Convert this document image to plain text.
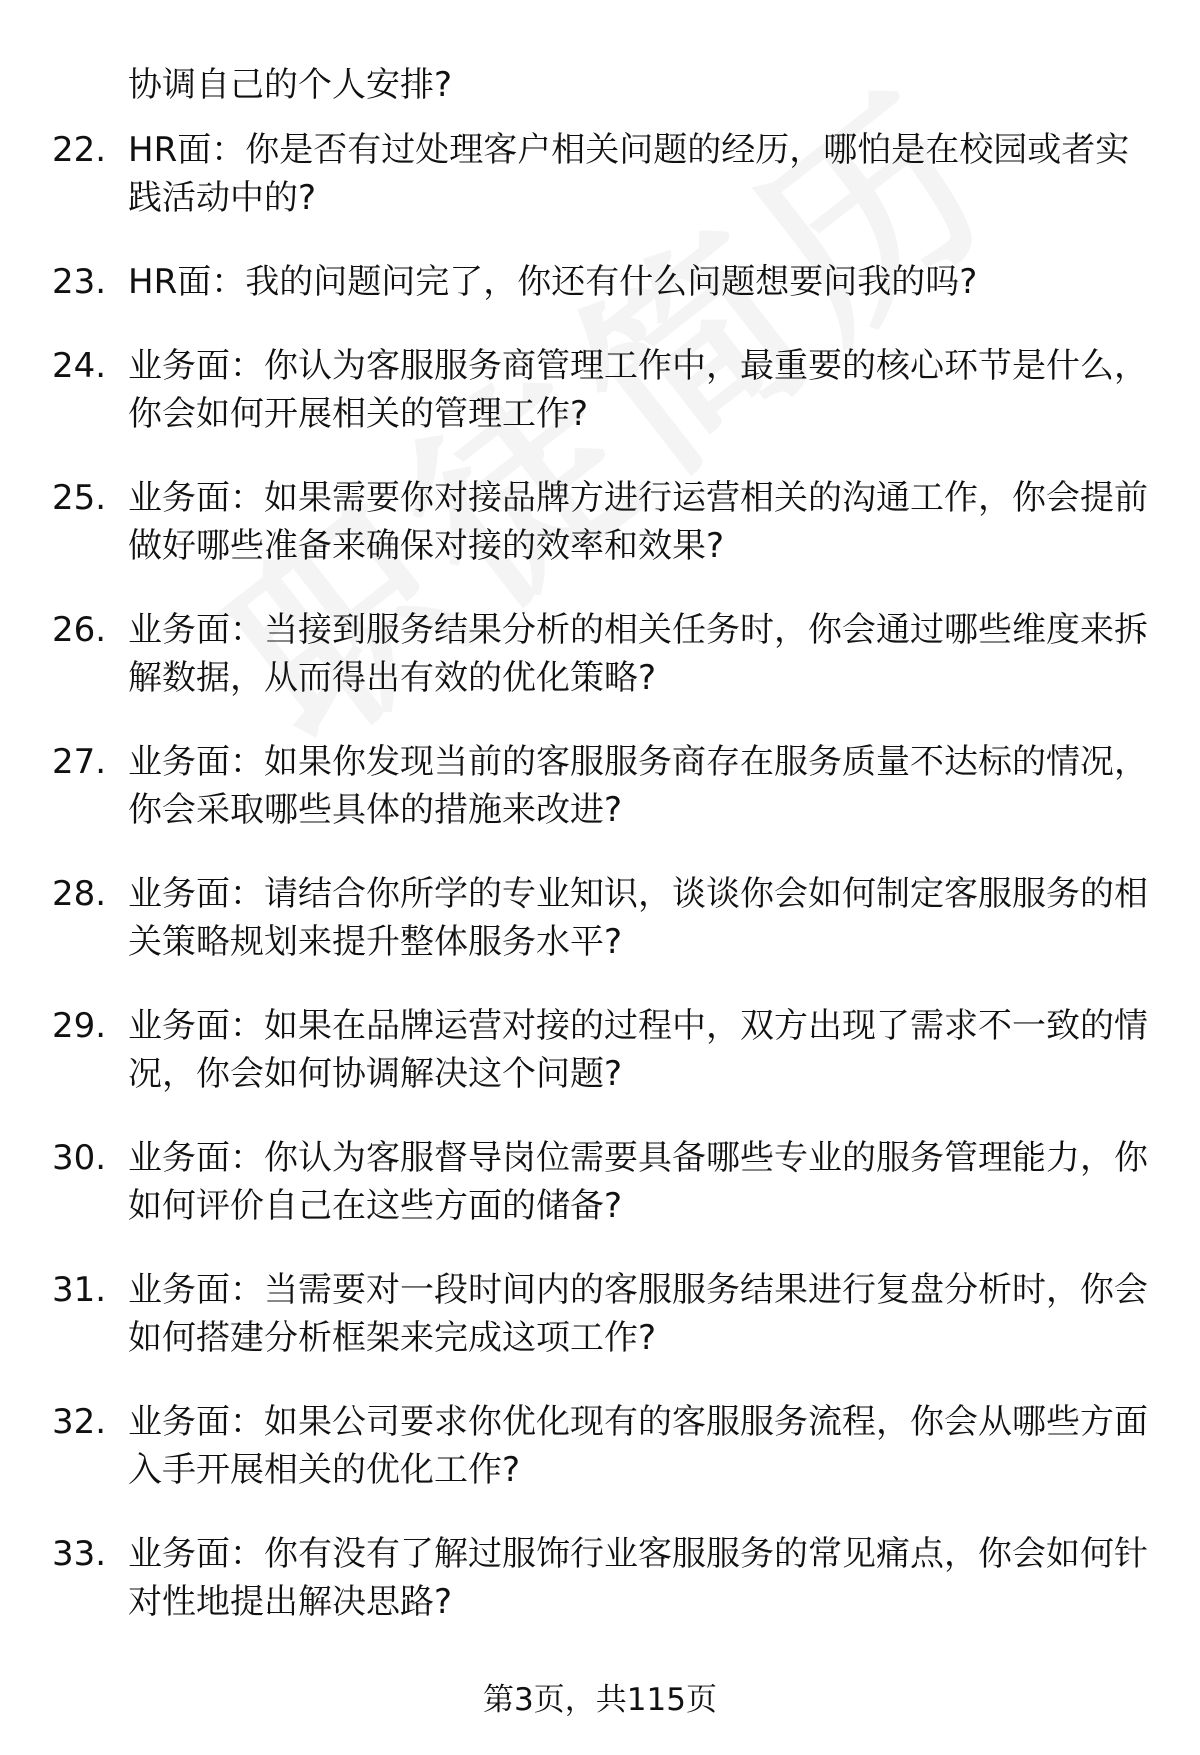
协调自己的个人安排?

22. HR面：你是否有过处理客户相关问题的经历，哪怕是在校园或者实践活动中的?
23. HR面：我的问题问完了，你还有什么问题想要问我的吗?
24. 业务面：你认为客服服务商管理工作中，最重要的核心环节是什么，你会如何开展相关的管理工作?
25. 业务面：如果需要你对接品牌方进行运营相关的沟通工作，你会提前做好哪些准备来确保对接的效率和效果?
26. 业务面：当接到服务结果分析的相关任务时，你会通过哪些维度来拆解数据，从而得出有效的优化策略?
27. 业务面：如果你发现当前的客服服务商存在服务质量不达标的情况，你会采取哪些具体的措施来改进?
28. 业务面：请结合你所学的专业知识，谈谈你会如何制定客服服务的相关策略规划来提升整体服务水平?
29. 业务面：如果在品牌运营对接的过程中，双方出现了需求不一致的情况，你会如何协调解决这个问题?
30. 业务面：你认为客服督导岗位需要具备哪些专业的服务管理能力，你如何评价自己在这些方面的储备?
31. 业务面：当需要对一段时间内的客服服务结果进行复盘分析时，你会如何搭建分析框架来完成这项工作?
32. 业务面：如果公司要求你优化现有的客服服务流程，你会从哪些方面入手开展相关的优化工作?
33. 业务面：你有没有了解过服饰行业客服服务的常见痛点，你会如何针对性地提出解决思路?
第3页，共115页
